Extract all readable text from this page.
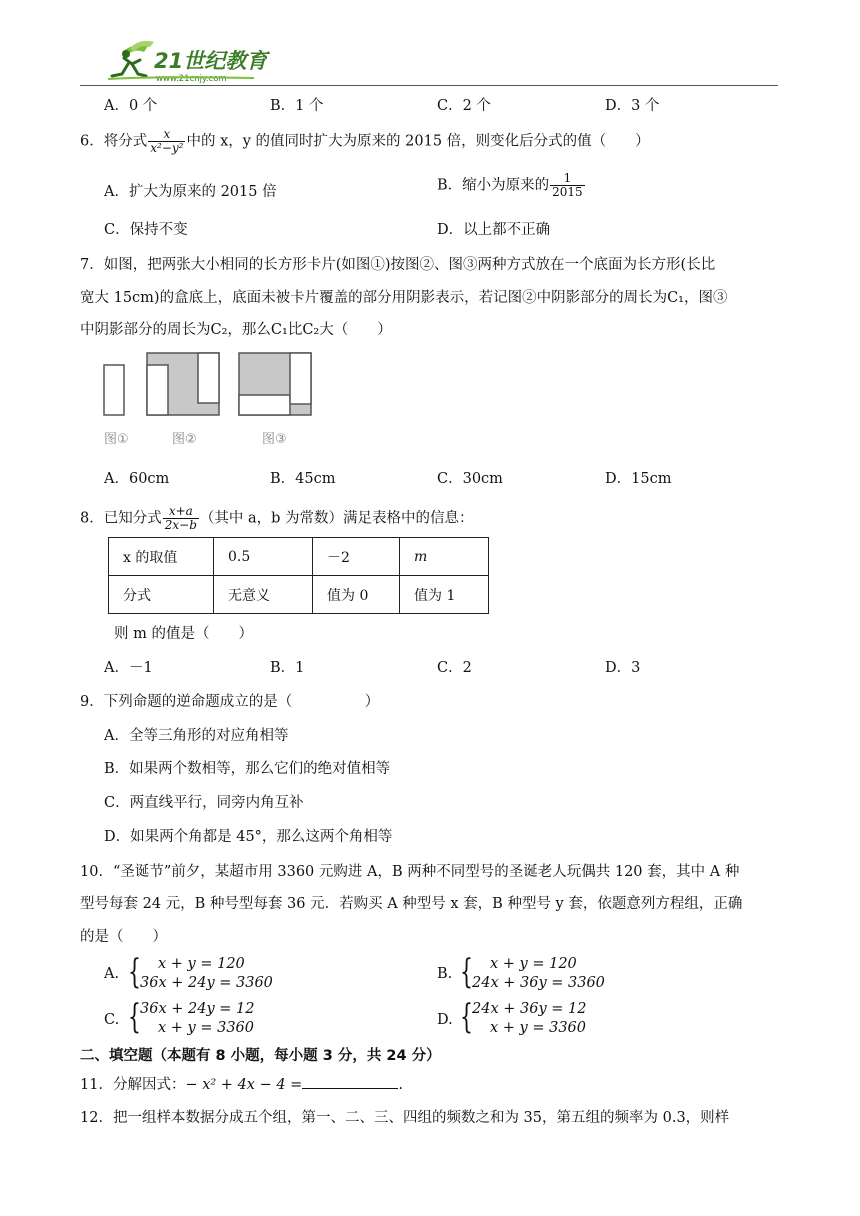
21世纪教育
www.21cnjy.com
A．0 个	B．1 个	C．2 个	D．3 个
6．将分式 $\frac{x}{\text{x²−y²}}$ 中的 x，y 的值同时扩大为原来的 2015 倍，则变化后分式的值（　　）
A．扩大为原来的 2015 倍	B．缩小为原来的 $\frac{1}{2015}$
C．保持不变	D．以上都不正确
7．如图，把两张大小相同的长方形卡片(如图①)按图②、图③两种方式放在一个底面为长方形(长比
宽大 15cm)的盒底上，底面未被卡片覆盖的部分用阴影表示，若记图②中阴影部分的周长为C₁，图③
中阴影部分的周长为C₂，那么C₁比C₂大（　　）
图①	图②	图③
A．60cm	B．45cm	C．30cm	D．15cm
8．已知分式 $\frac{x+a}{2x-b}$ （其中 a，b 为常数）满足表格中的信息：
x 的取值	0.5	－2	m
分式	无意义	值为 0	值为 1
则 m 的值是（　　）
A．－1	B．1	C．2	D．3
9．下列命题的逆命题成立的是（　　　　　）
A．全等三角形的对应角相等
B．如果两个数相等，那么它们的绝对值相等
C．两直线平行，同旁内角互补
D．如果两个角都是 45°，那么这两个角相等
10．“圣诞节”前夕，某超市用 3360 元购进 A，B 两种不同型号的圣诞老人玩偶共 120 套，其中 A 种
型号每套 24 元，B 种号型每套 36 元．若购买 A 种型号 x 套，B 种型号 y 套，依题意列方程组，正确
的是（　　）
A. { x + y = 120
36x + 24y = 3360
B. { x + y = 120
24x + 36y = 3360
C. { 36x + 24y = 12
x + y = 3360	D. { 24x + 36y = 12
x + y = 3360
二、填空题（本题有 8 小题，每小题 3 分，共 24 分）
11．分解因式：− x² + 4x − 4 =	.
12．把一组样本数据分成五个组，第一、二、三、四组的频数之和为 35，第五组的频率为 0.3，则样
